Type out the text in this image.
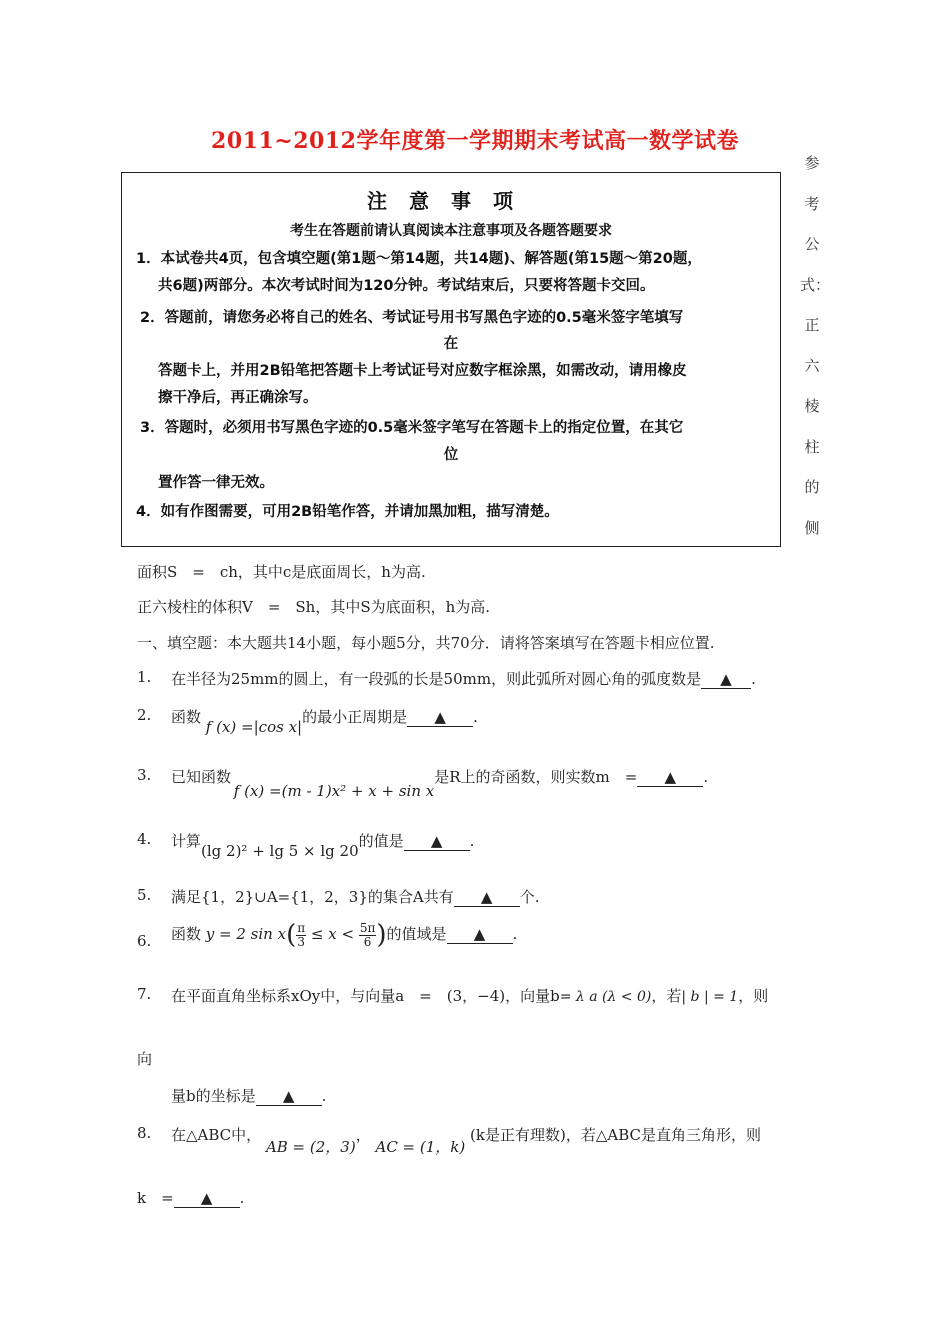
2011~2012学年度第一学期期末考试高一数学试卷
注意事项
考生在答题前请认真阅读本注意事项及各题答题要求
1．本试卷共4页，包含填空题(第1题～第14题，共14题)、解答题(第15题～第20题，
共6题)两部分。本次考试时间为120分钟。考试结束后，只要将答题卡交回。
2．答题前，请您务必将自己的姓名、考试证号用书写黑色字迹的0.5毫米签字笔填写
在
答题卡上，并用2B铅笔把答题卡上考试证号对应数字框涂黑，如需改动，请用橡皮
擦干净后，再正确涂写。
3．答题时，必须用书写黑色字迹的0.5毫米签字笔写在答题卡上的指定位置，在其它
位
置作答一律无效。
4．如有作图需要，可用2B铅笔作答，并请加黑加粗，描写清楚。
参
考
公
式：
正
六
棱
柱
的
侧
面积S　=　ch，其中c是底面周长，h为高.
正六棱柱的体积V　=　Sh，其中S为底面积，h为高.
一、填空题：本大题共14小题，每小题5分，共70分．请将答案填写在答题卡相应位置.
1. 在半径为25mm的圆上，有一段弧的长是50mm，则此弧所对圆心角的弧度数是 ▲ .
2. 函数 f (x) =|cos x|的最小正周期是 ▲ .
3. 已知函数 f (x) =(m - 1)x² + x + sin x是R上的奇函数，则实数m　= ▲ .
4. 计算(lg 2)² + lg 5 × lg 20的值是 ▲ .
5. 满足{1，2}∪A={1，2，3}的集合A共有 ▲ 个.
6. 函数 y = 2 $\sin x( \frac{\pi}{3} \le x < \frac{5\pi}{6}$ )的值域是 ▲ .
7. 在平面直角坐标系xOy中，与向量a　=　(3，−4)，向量b= λ a (λ < 0)，若| b | = 1，则
向
量b的坐标是 ▲ .
8. 在△ABC中， AB = (2，3)， AC = (1，k) (k是正有理数)，若△ABC是直角三角形，则
k　= ▲ .
